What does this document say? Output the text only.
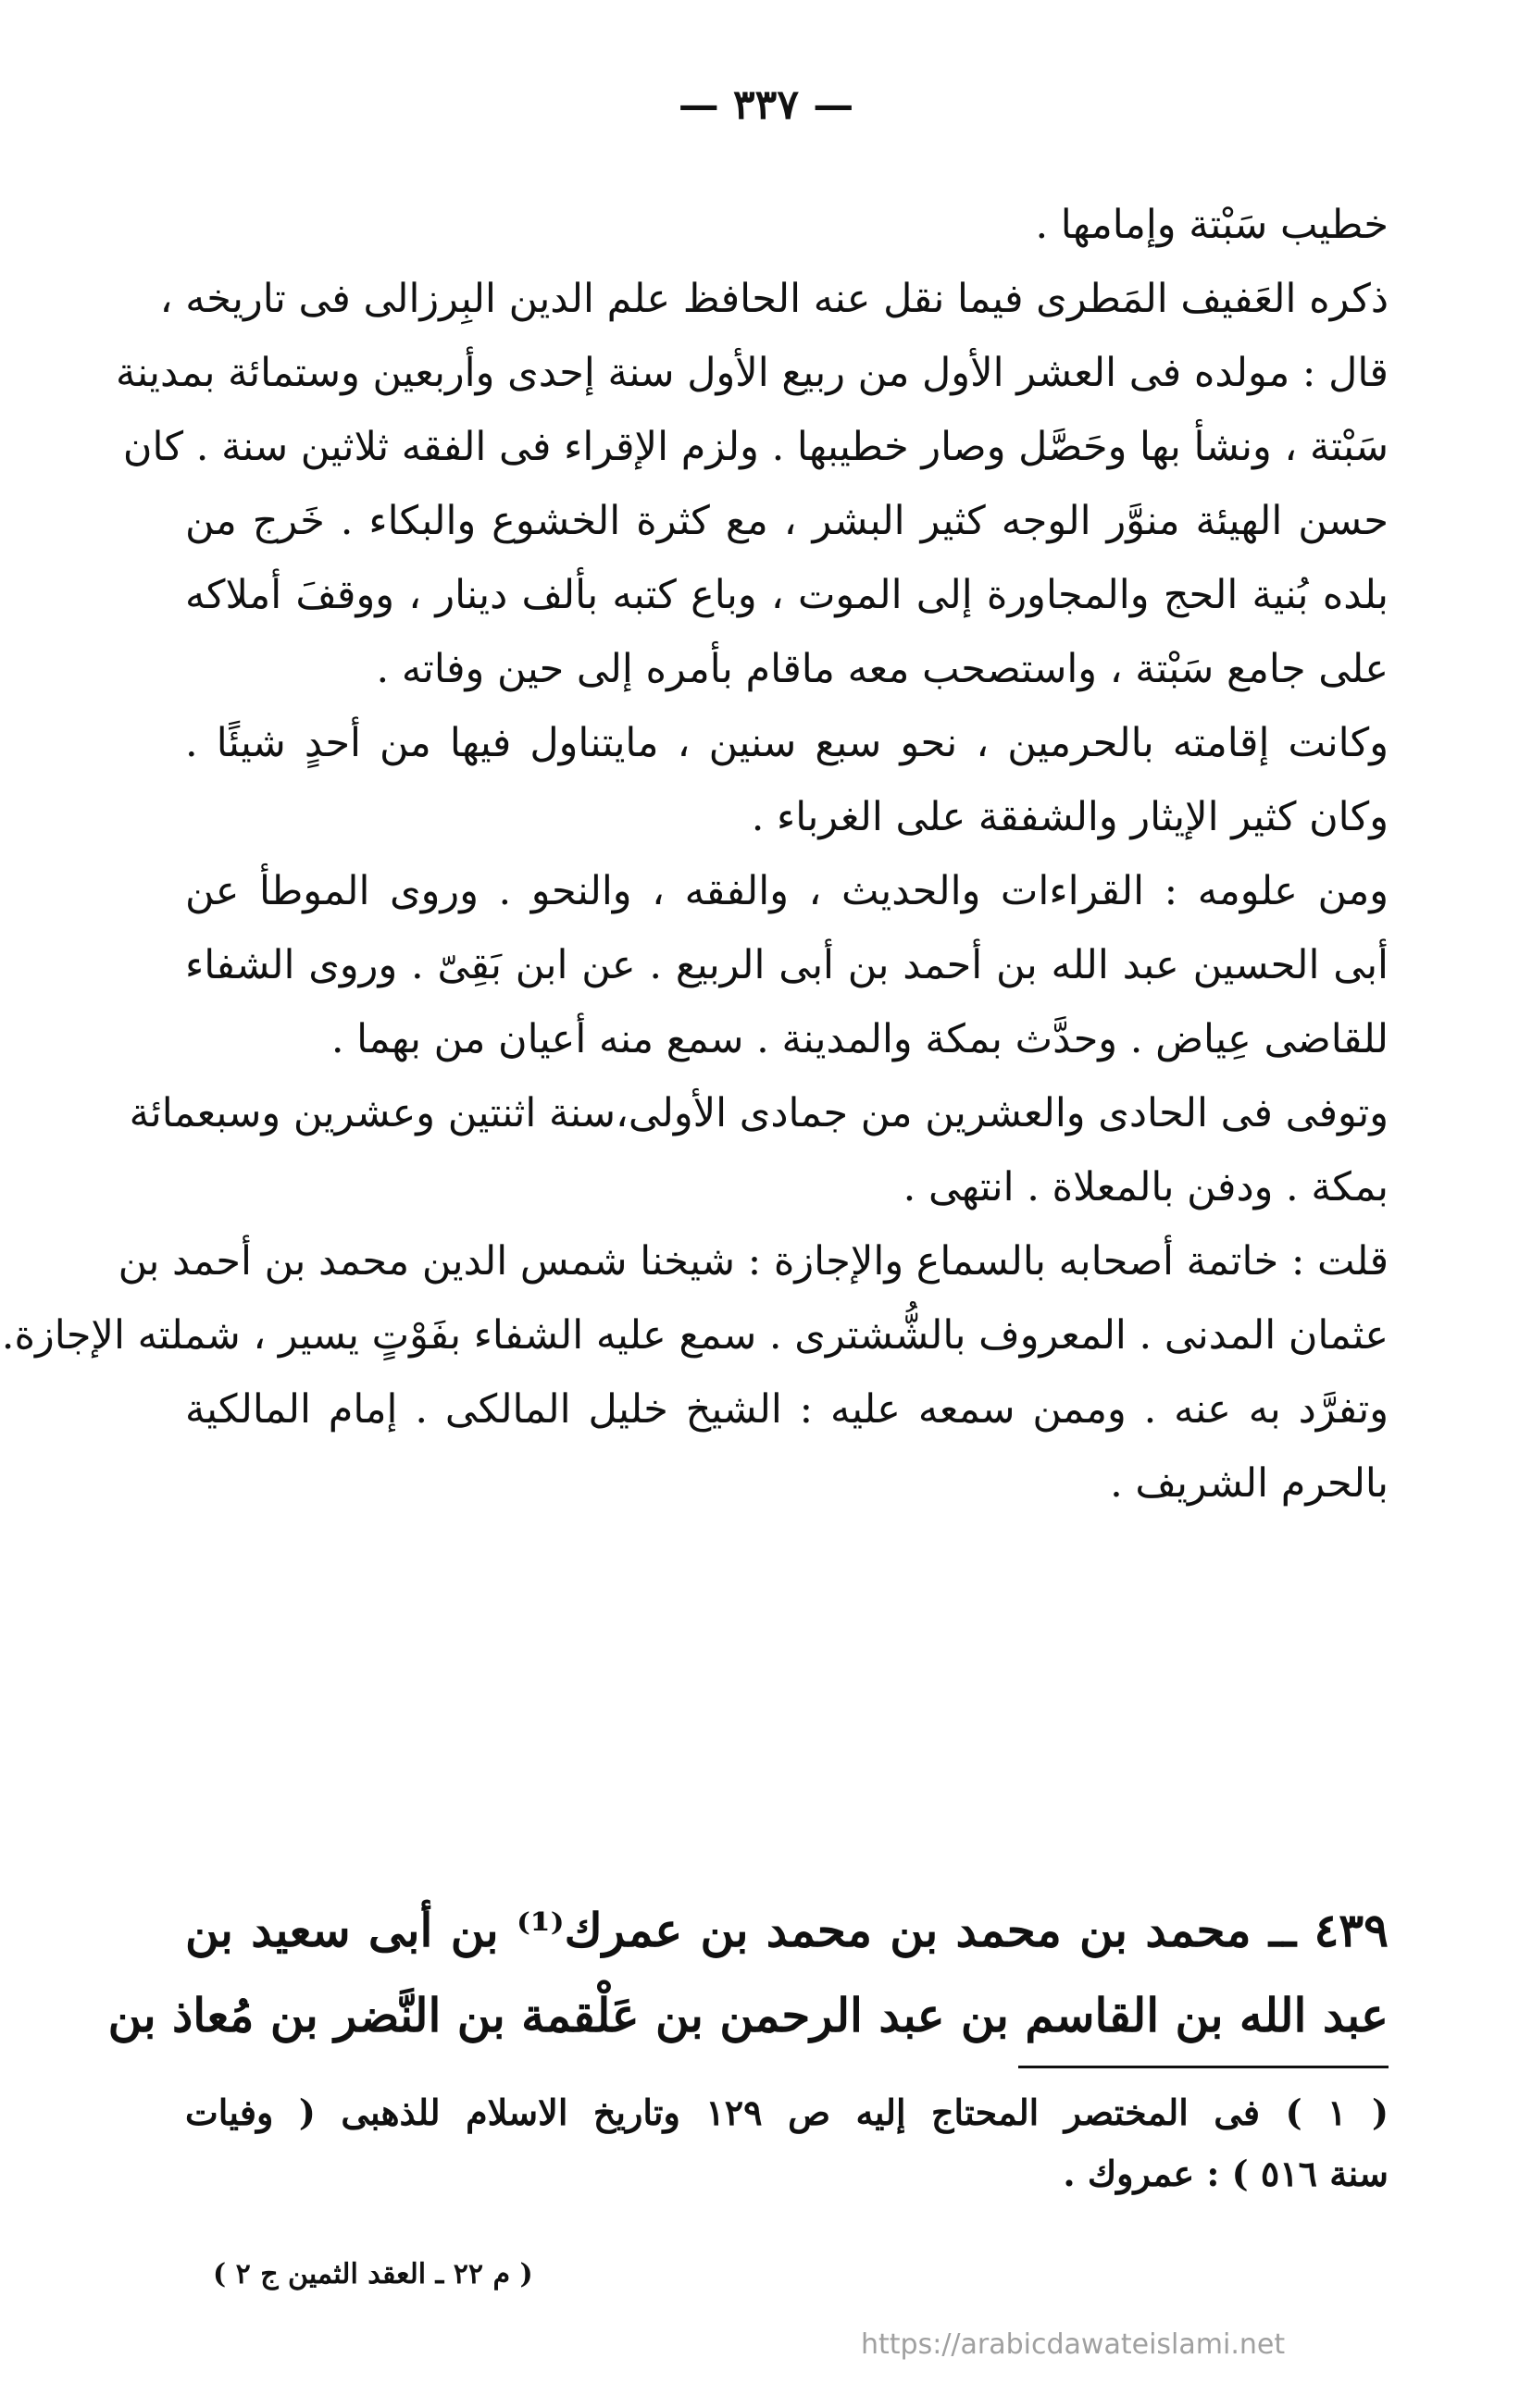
— ٣٣٧ —
خطيب سَبْتة وإمامها .
ذكره العَفيف المَطرى فيما نقل عنه الحافظ علم الدين البِرزالى فى تاريخه ،
قال : مولده فى العشر الأول من ربيع الأول سنة إحدى وأربعين وستمائة بمدينة
سَبْتة ، ونشأ بها وحَصَّل وصار خطيبها . ولزم الإقراء فى الفقه ثلاثين سنة . كان
حسن الهيئة منوَّر الوجه كثير البشر ، مع كثرة الخشوع والبكاء . خَرج من
بلده بُنية الحج والمجاورة إلى الموت ، وباع كتبه بألف دينار ، ووقفَ أملاكه
على جامع سَبْتة ، واستصحب معه ماقام بأمره إلى حين وفاته .
وكانت إقامته بالحرمين ، نحو سبع سنين ، مايتناول فيها من أحدٍ شيئًا .
وكان كثير الإيثار والشفقة على الغرباء .
ومن علومه : القراءات والحديث ، والفقه ، والنحو . وروى الموطأ عن
أبى الحسين عبد الله بن أحمد بن أبى الربيع . عن ابن بَقِىّ . وروى الشفاء
للقاضى عِياض . وحدَّث بمكة والمدينة . سمع منه أعيان من بهما .
وتوفى فى الحادى والعشرين من جمادى الأولى،سنة اثنتين وعشرين وسبعمائة
بمكة . ودفن بالمعلاة . انتهى .
قلت : خاتمة أصحابه بالسماع والإجازة : شيخنا شمس الدين محمد بن أحمد بن
عثمان المدنى . المعروف بالشُّشترى . سمع عليه الشفاء بفَوْتٍ يسير ، شملته الإجازة.
وتفرَّد به عنه . وممن سمعه عليه : الشيخ خليل المالكى . إمام المالكية
بالحرم الشريف .
٤٣٩ ــ محمد بن محمد بن محمد بن عمرك⁽¹⁾ بن أبى سعيد بن
عبد الله بن القاسم بن عبد الرحمن بن عَلْقمة بن النَّضر بن مُعاذ بن
( ١ ) فى المختصر المحتاج إليه ص ١٢٩ وتاريخ الاسلام للذهبى ( وفيات
سنة ٥١٦ ) : عمروك .
( م ٢٢ ـ العقد الثمين ج ٢ )
https://arabicdawateislami.net
